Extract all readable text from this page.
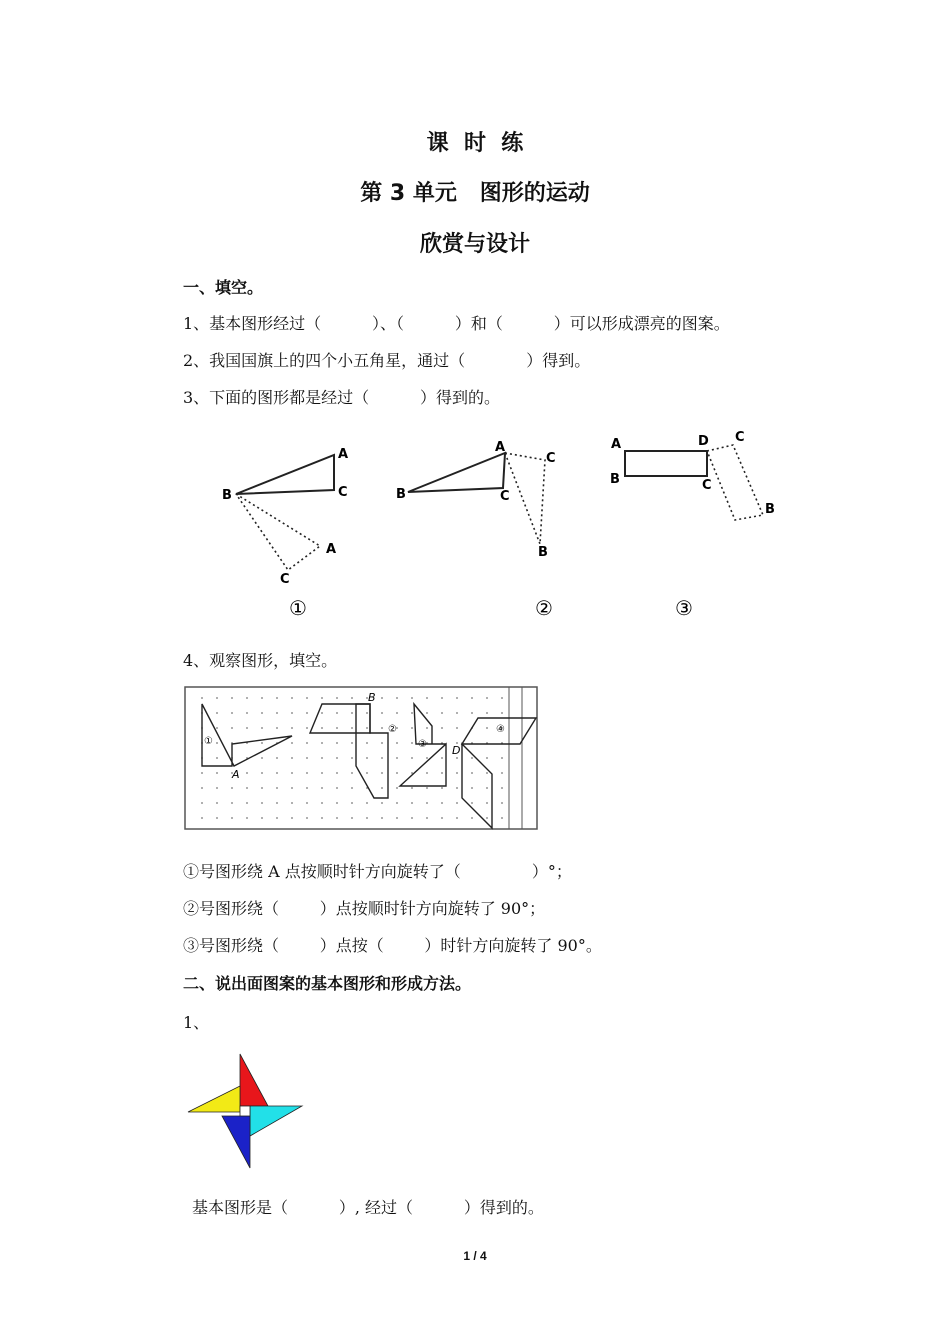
课  时  练
第 3 单元   图形的运动
欣赏与设计
一、填空。
1、基本图形经过（          ）、（          ）和（          ）可以形成漂亮的图案。
2、我国国旗上的四个小五角星，通过（            ）得到。
3、下面的图形都是经过（          ）得到的。
A
B	C
A
C
①
A
B	C
C
B
②
A
B
D
C
C
B
③
4、观察图形，填空。
①
②
③
④
A
B
D
①号图形绕 A 点按顺时针方向旋转了（              ）°；
②号图形绕（        ）点按顺时针方向旋转了 90°；
③号图形绕（        ）点按（        ）时针方向旋转了 90°。
二、说出面图案的基本图形和形成方法。
1、
基本图形是（          ）, 经过（          ）得到的。
1 / 4
